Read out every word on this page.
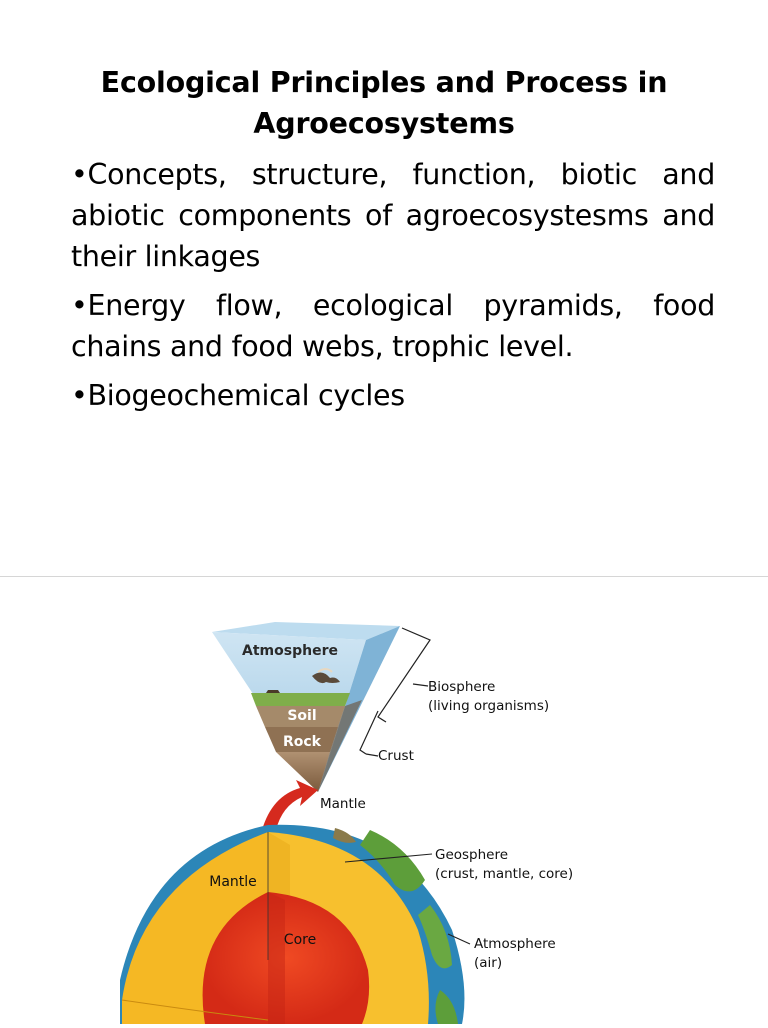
Ecological Principles and Process in Agroecosystems

•Concepts, structure, function, biotic and abiotic components of agroecosystesms and their linkages

•Energy flow, ecological pyramids, food chains and food webs, trophic level.

•Biogeochemical cycles

Atmosphere
Soil
Rock
Biosphere
(living organisms)
Crust
Mantle
Mantle
Core
Geosphere
(crust, mantle, core)
Atmosphere
(air)
